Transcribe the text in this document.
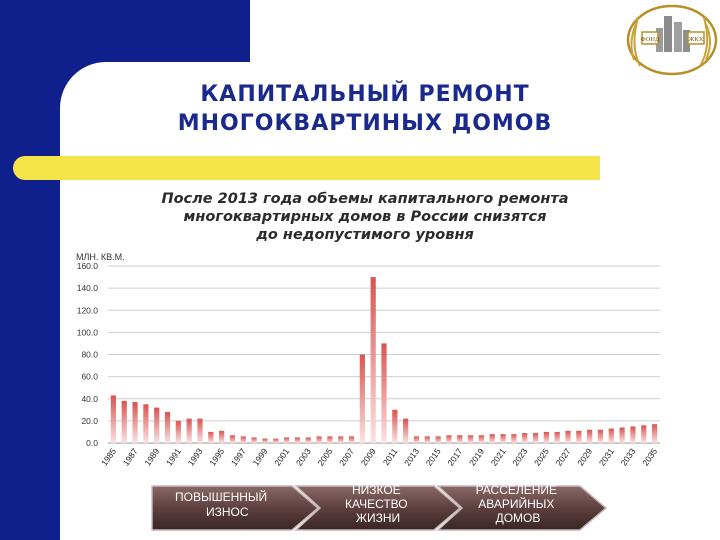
КАПИТАЛЬНЫЙ РЕМОНТ
МНОГОКВАРТИНЫХ ДОМОВ
ФОНД	ЖКХ
После 2013 года объемы капитального ремонта
многоквартирных домов в России снизятся
до недопустимого уровня
МЛН. КВ.М.
0.0
20.0
40.0
60.0
80.0
100.0
120.0
140.0
160.0
1985 1987 1989 1991 1993 1995 1997 1999 2001 2003 2005 2007 2009 2011 2013 2015 2017 2019 2021 2023 2025 2027 2029 2031 2033 2035
ПОВЫШЕННЫЙ ИЗНОС
НИЗКОЕ КАЧЕСТВО ЖИЗНИ
РАССЕЛЕНИЕ АВАРИЙНЫХ ДОМОВ
